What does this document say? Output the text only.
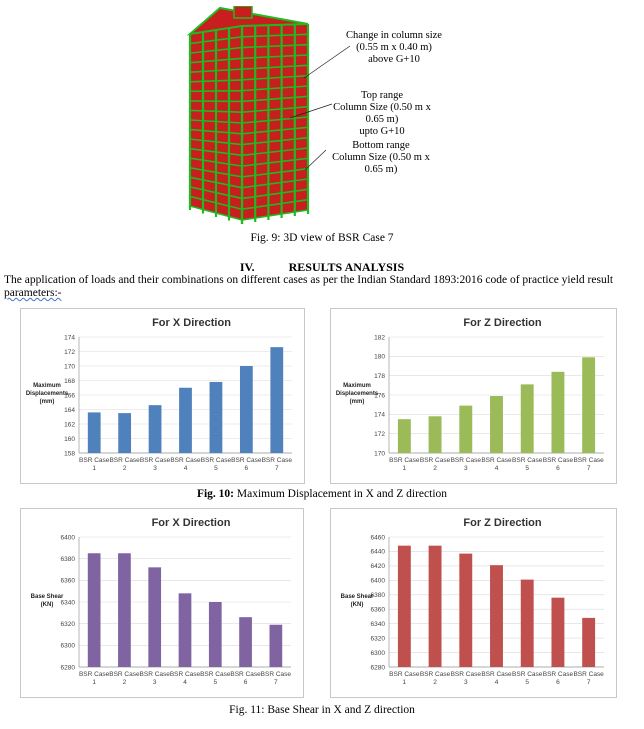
Change in column size
(0.55 m x 0.40 m)
above G+10
Top range
Column Size (0.50 m x 0.65 m)
upto G+10
Bottom range
Column Size (0.50 m x 0.65 m)
Fig. 9: 3D view of BSR Case 7
IV.	RESULTS ANALYSIS
The application of loads and their combinations on different cases as per the Indian Standard 1893:2016 code of practice yield result parameters:-
For X Direction
158
160
162
164
166
168
170
172
174
Maximum Displacements (mm)
BSR Case
1
BSR Case
2
BSR Case
3
BSR Case
4
BSR Case
5
BSR Case
6
BSR Case
7
For Z Direction
170
172
174
176
178
180
182
Maximum Displacements (mm)
BSR Case
1
BSR Case
2
BSR Case
3
BSR Case
4
BSR Case
5
BSR Case
6
BSR Case
7
Fig. 10: Maximum Displacement in X and Z direction
For X Direction
6280
6300
6320
6340
6360
6380
6400
Base Shear (KN)
BSR Case
1
BSR Case
2
BSR Case
3
BSR Case
4
BSR Case
5
BSR Case
6
BSR Case
7
For Z Direction
6280
6300
6320
6340
6360
6380
6400
6420
6440
6460
Base Shear (KN)
BSR Case
1
BSR Case
2
BSR Case
3
BSR Case
4
BSR Case
5
BSR Case
6
BSR Case
7
Fig. 11: Base Shear in X and Z direction
